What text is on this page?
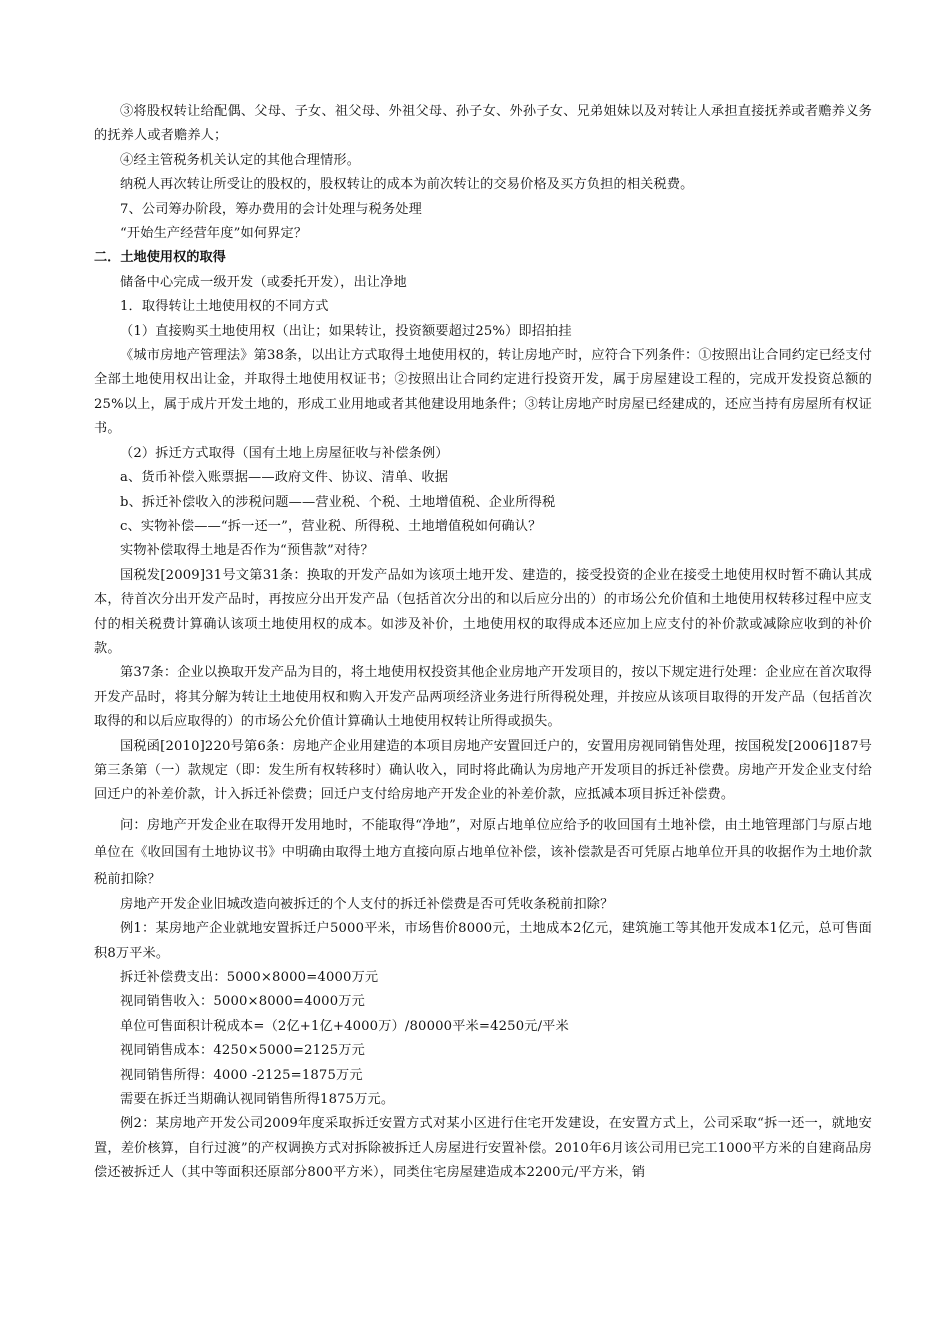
③将股权转让给配偶、父母、子女、祖父母、外祖父母、孙子女、外孙子女、兄弟姐妹以及对转让人承担直接抚养或者赡养义务的抚养人或者赡养人；

④经主管税务机关认定的其他合理情形。

纳税人再次转让所受让的股权的，股权转让的成本为前次转让的交易价格及买方负担的相关税费。

7、公司筹办阶段，筹办费用的会计处理与税务处理

“开始生产经营年度”如何界定？

二．土地使用权的取得

储备中心完成一级开发（或委托开发），出让净地

1．取得转让土地使用权的不同方式

（1）直接购买土地使用权（出让；如果转让，投资额要超过25%）即招拍挂

《城市房地产管理法》第38条，以出让方式取得土地使用权的，转让房地产时，应符合下列条件：①按照出让合同约定已经支付全部土地使用权出让金，并取得土地使用权证书；②按照出让合同约定进行投资开发，属于房屋建设工程的，完成开发投资总额的25%以上，属于成片开发土地的，形成工业用地或者其他建设用地条件；③转让房地产时房屋已经建成的，还应当持有房屋所有权证书。

（2）拆迁方式取得（国有土地上房屋征收与补偿条例）

a、货币补偿入账票据——政府文件、协议、清单、收据

b、拆迁补偿收入的涉税问题——营业税、个税、土地增值税、企业所得税

c、实物补偿——“拆一还一”，营业税、所得税、土地增值税如何确认？

实物补偿取得土地是否作为“预售款”对待？

国税发[2009]31号文第31条：换取的开发产品如为该项土地开发、建造的，接受投资的企业在接受土地使用权时暂不确认其成本，待首次分出开发产品时，再按应分出开发产品（包括首次分出的和以后应分出的）的市场公允价值和土地使用权转移过程中应支付的相关税费计算确认该项土地使用权的成本。如涉及补价，土地使用权的取得成本还应加上应支付的补价款或减除应收到的补价款。

第37条：企业以换取开发产品为目的，将土地使用权投资其他企业房地产开发项目的，按以下规定进行处理：企业应在首次取得开发产品时，将其分解为转让土地使用权和购入开发产品两项经济业务进行所得税处理，并按应从该项目取得的开发产品（包括首次取得的和以后应取得的）的市场公允价值计算确认土地使用权转让所得或损失。

国税函[2010]220号第6条：房地产企业用建造的本项目房地产安置回迁户的，安置用房视同销售处理，按国税发[2006]187号第三条第（一）款规定（即：发生所有权转移时）确认收入，同时将此确认为房地产开发项目的拆迁补偿费。房地产开发企业支付给回迁户的补差价款，计入拆迁补偿费；回迁户支付给房地产开发企业的补差价款，应抵减本项目拆迁补偿费。

问：房地产开发企业在取得开发用地时，不能取得“净地”，对原占地单位应给予的收回国有土地补偿，由土地管理部门与原占地单位在《收回国有土地协议书》中明确由取得土地方直接向原占地单位补偿，该补偿款是否可凭原占地单位开具的收据作为土地价款税前扣除？

房地产开发企业旧城改造向被拆迁的个人支付的拆迁补偿费是否可凭收条税前扣除？

例1：某房地产企业就地安置拆迁户5000平米，市场售价8000元，土地成本2亿元，建筑施工等其他开发成本1亿元，总可售面积8万平米。

拆迁补偿费支出：5000×8000=4000万元

视同销售收入：5000×8000=4000万元

单位可售面积计税成本=（2亿+1亿+4000万）/80000平米=4250元/平米

视同销售成本：4250×5000=2125万元

视同销售所得：4000 -2125=1875万元

需要在拆迁当期确认视同销售所得1875万元。

例2：某房地产开发公司2009年度采取拆迁安置方式对某小区进行住宅开发建设，在安置方式上，公司采取“拆一还一，就地安置，差价核算，自行过渡”的产权调换方式对拆除被拆迁人房屋进行安置补偿。2010年6月该公司用已完工1000平方米的自建商品房偿还被拆迁人（其中等面积还原部分800平方米），同类住宅房屋建造成本2200元/平方米，销
